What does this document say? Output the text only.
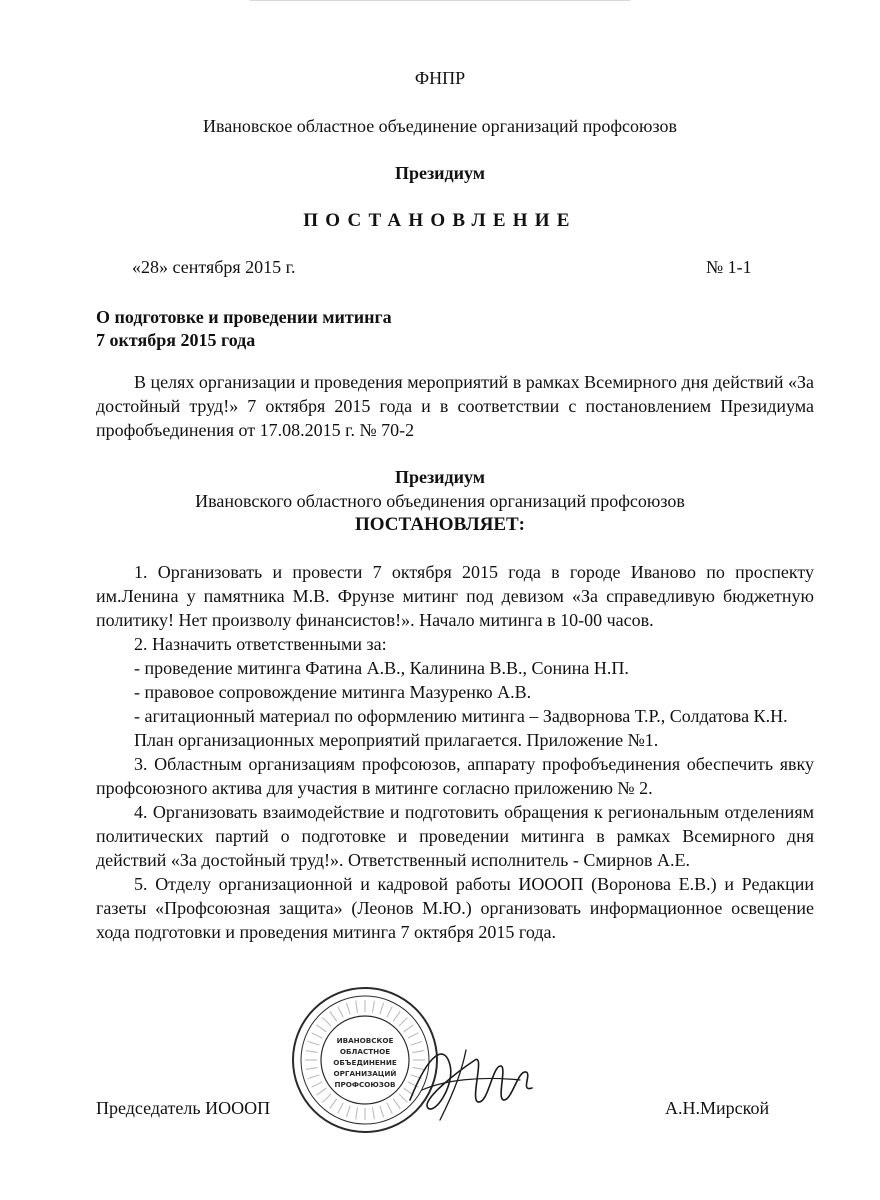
ФНПР
Ивановское областное объединение организаций профсоюзов
Президиум
ПОСТАНОВЛЕНИЕ
«28» сентября 2015 г.	№ 1-1
О подготовке и проведении митинга
7 октября 2015 года

В целях организации и проведения мероприятий в рамках Всемирного дня действий «За достойный труд!» 7 октября 2015 года и в соответствии с постановлением Президиума профобъединения от 17.08.2015 г. № 70-2

Президиум
Ивановского областного объединения организаций профсоюзов
ПОСТАНОВЛЯЕТ:

1. Организовать и провести 7 октября 2015 года в городе Иваново по проспекту им.Ленина у памятника М.В. Фрунзе митинг под девизом «За справедливую бюджетную политику! Нет произволу финансистов!». Начало митинга в 10-00 часов.

2. Назначить ответственными за:

- проведение митинга Фатина А.В., Калинина В.В., Сонина Н.П.

- правовое сопровождение митинга Мазуренко А.В.

- агитационный материал по оформлению митинга – Задворнова Т.Р., Солдатова К.Н.

План организационных мероприятий прилагается. Приложение №1.

3. Областным организациям профсоюзов, аппарату профобъединения обеспечить явку профсоюзного актива для участия в митинге согласно приложению № 2.

4. Организовать взаимодействие и подготовить обращения к региональным отделениям политических партий о подготовке и проведении митинга в рамках Всемирного дня действий «За достойный труд!». Ответственный исполнитель - Смирнов А.Е.

5. Отделу организационной и кадровой работы ИОООП (Воронова Е.В.) и Редакции газеты «Профсоюзная защита» (Леонов М.Ю.) организовать информационное освещение хода подготовки и проведения митинга 7 октября 2015 года.

Председатель ИОООП	А.Н.Мирской
ИВАНОВСКОЕ
ОБЛАСТНОЕ
ОБЪЕДИНЕНИЕ
ОРГАНИЗАЦИЙ
ПРОФСОЮЗОВ
